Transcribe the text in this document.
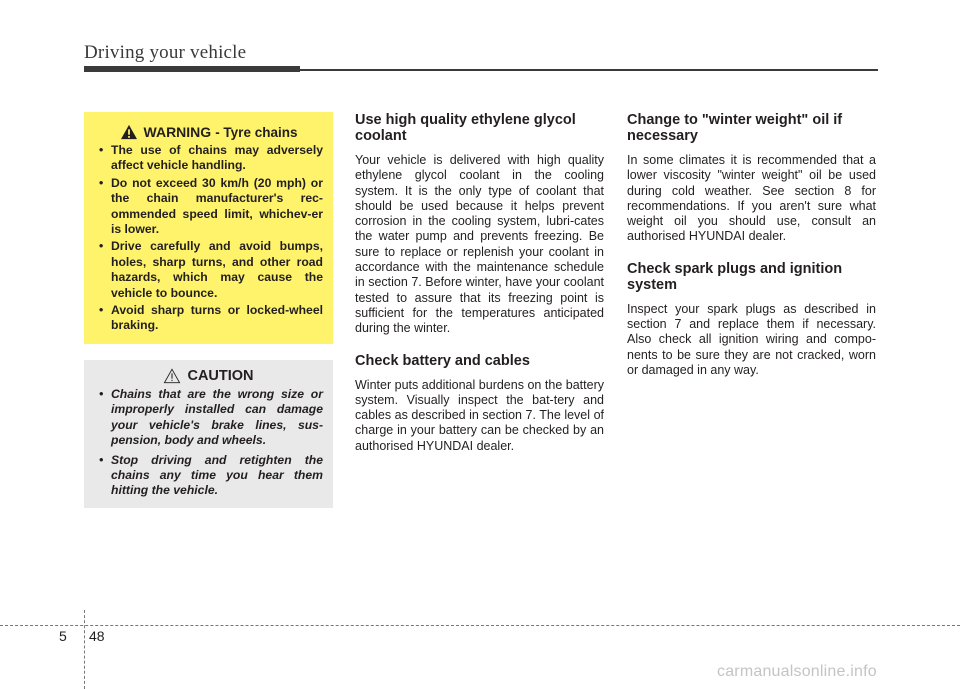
Driving your vehicle
WARNING - Tyre chains
• The use of chains may adversely affect vehicle handling.
• Do not exceed 30 km/h (20 mph) or the chain manufacturer's rec-ommended speed limit, whichev-er is lower.
• Drive carefully and avoid bumps, holes, sharp turns, and other road hazards, which may cause the vehicle to bounce.
• Avoid sharp turns or locked-wheel braking.
CAUTION
• Chains that are the wrong size or improperly installed can damage your vehicle's brake lines, sus-pension, body and wheels.
• Stop driving and retighten the chains any time you hear them hitting the vehicle.
Use high quality ethylene glycol coolant

Your vehicle is delivered with high quality ethylene glycol coolant in the cooling system. It is the only type of coolant that should be used because it helps prevent corrosion in the cooling system, lubri-cates the water pump and prevents freezing. Be sure to replace or replenish your coolant in accordance with the maintenance schedule in section 7. Before winter, have your coolant tested to assure that its freezing point is sufficient for the temperatures anticipated during the winter.

Check battery and cables

Winter puts additional burdens on the battery system. Visually inspect the bat-tery and cables as described in section 7. The level of charge in your battery can be checked by an authorised HYUNDAI dealer.

Change to "winter weight" oil if necessary

In some climates it is recommended that a lower viscosity "winter weight" oil be used during cold weather. See section 8 for recommendations. If you aren't sure what weight oil you should use, consult an authorised HYUNDAI dealer.

Check spark plugs and ignition system

Inspect your spark plugs as described in section 7 and replace them if necessary. Also check all ignition wiring and compo-nents to be sure they are not cracked, worn or damaged in any way.

5 48
carmanualsonline.info
